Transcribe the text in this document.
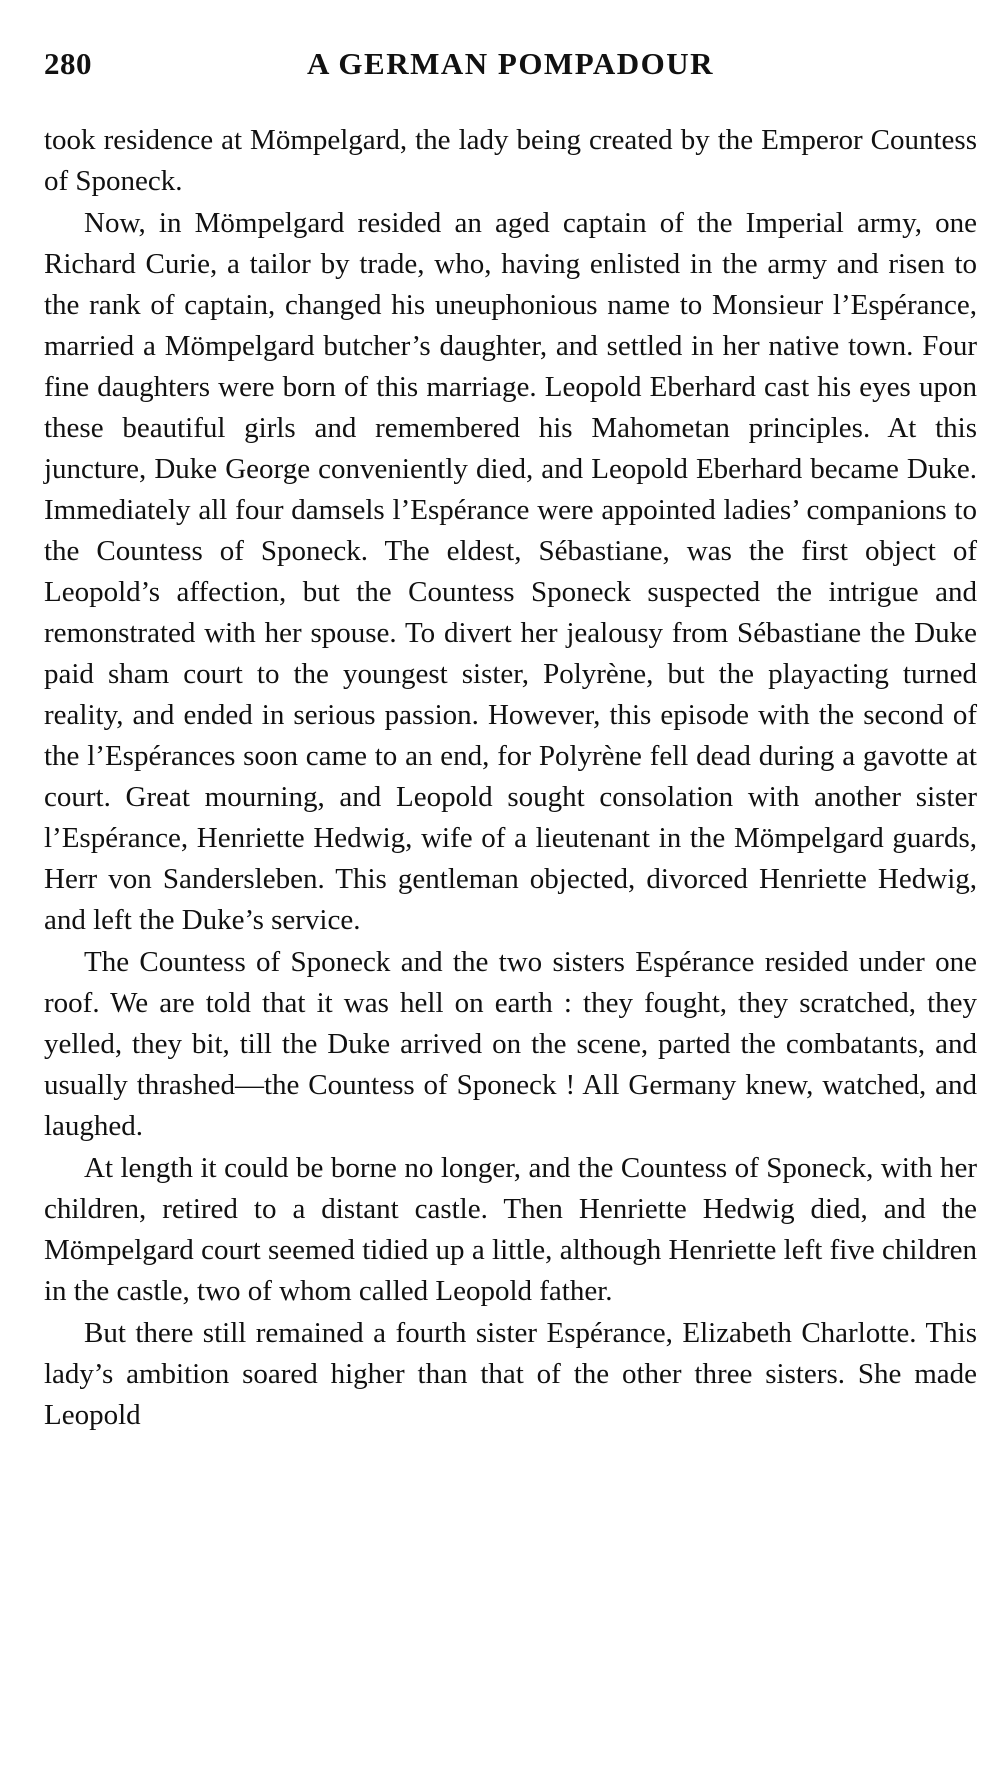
280	A GERMAN POMPADOUR

took residence at Mömpelgard, the lady being created by the Emperor Countess of Sponeck.

Now, in Mömpelgard resided an aged captain of the Imperial army, one Richard Curie, a tailor by trade, who, having enlisted in the army and risen to the rank of captain, changed his uneuphonious name to Monsieur l’Espérance, married a Mömpelgard butcher’s daughter, and settled in her native town. Four fine daughters were born of this marriage. Leopold Eberhard cast his eyes upon these beautiful girls and remembered his Mahometan principles. At this juncture, Duke George conveniently died, and Leopold Eberhard became Duke. Immediately all four damsels l’Espérance were appointed ladies’ companions to the Countess of Sponeck. The eldest, Sébastiane, was the first object of Leopold’s affection, but the Countess Sponeck suspected the intrigue and remonstrated with her spouse. To divert her jealousy from Sébastiane the Duke paid sham court to the youngest sister, Polyrène, but the playacting turned reality, and ended in serious passion. However, this episode with the second of the l’Espérances soon came to an end, for Polyrène fell dead during a gavotte at court. Great mourning, and Leopold sought consolation with another sister l’Espérance, Henriette Hedwig, wife of a lieutenant in the Mömpelgard guards, Herr von Sandersleben. This gentleman objected, divorced Henriette Hedwig, and left the Duke’s service.

The Countess of Sponeck and the two sisters Espérance resided under one roof. We are told that it was hell on earth : they fought, they scratched, they yelled, they bit, till the Duke arrived on the scene, parted the combatants, and usually thrashed—the Countess of Sponeck ! All Germany knew, watched, and laughed.

At length it could be borne no longer, and the Countess of Sponeck, with her children, retired to a distant castle. Then Henriette Hedwig died, and the Mömpelgard court seemed tidied up a little, although Henriette left five children in the castle, two of whom called Leopold father.

But there still remained a fourth sister Espérance, Elizabeth Charlotte. This lady’s ambition soared higher than that of the other three sisters. She made Leopold
